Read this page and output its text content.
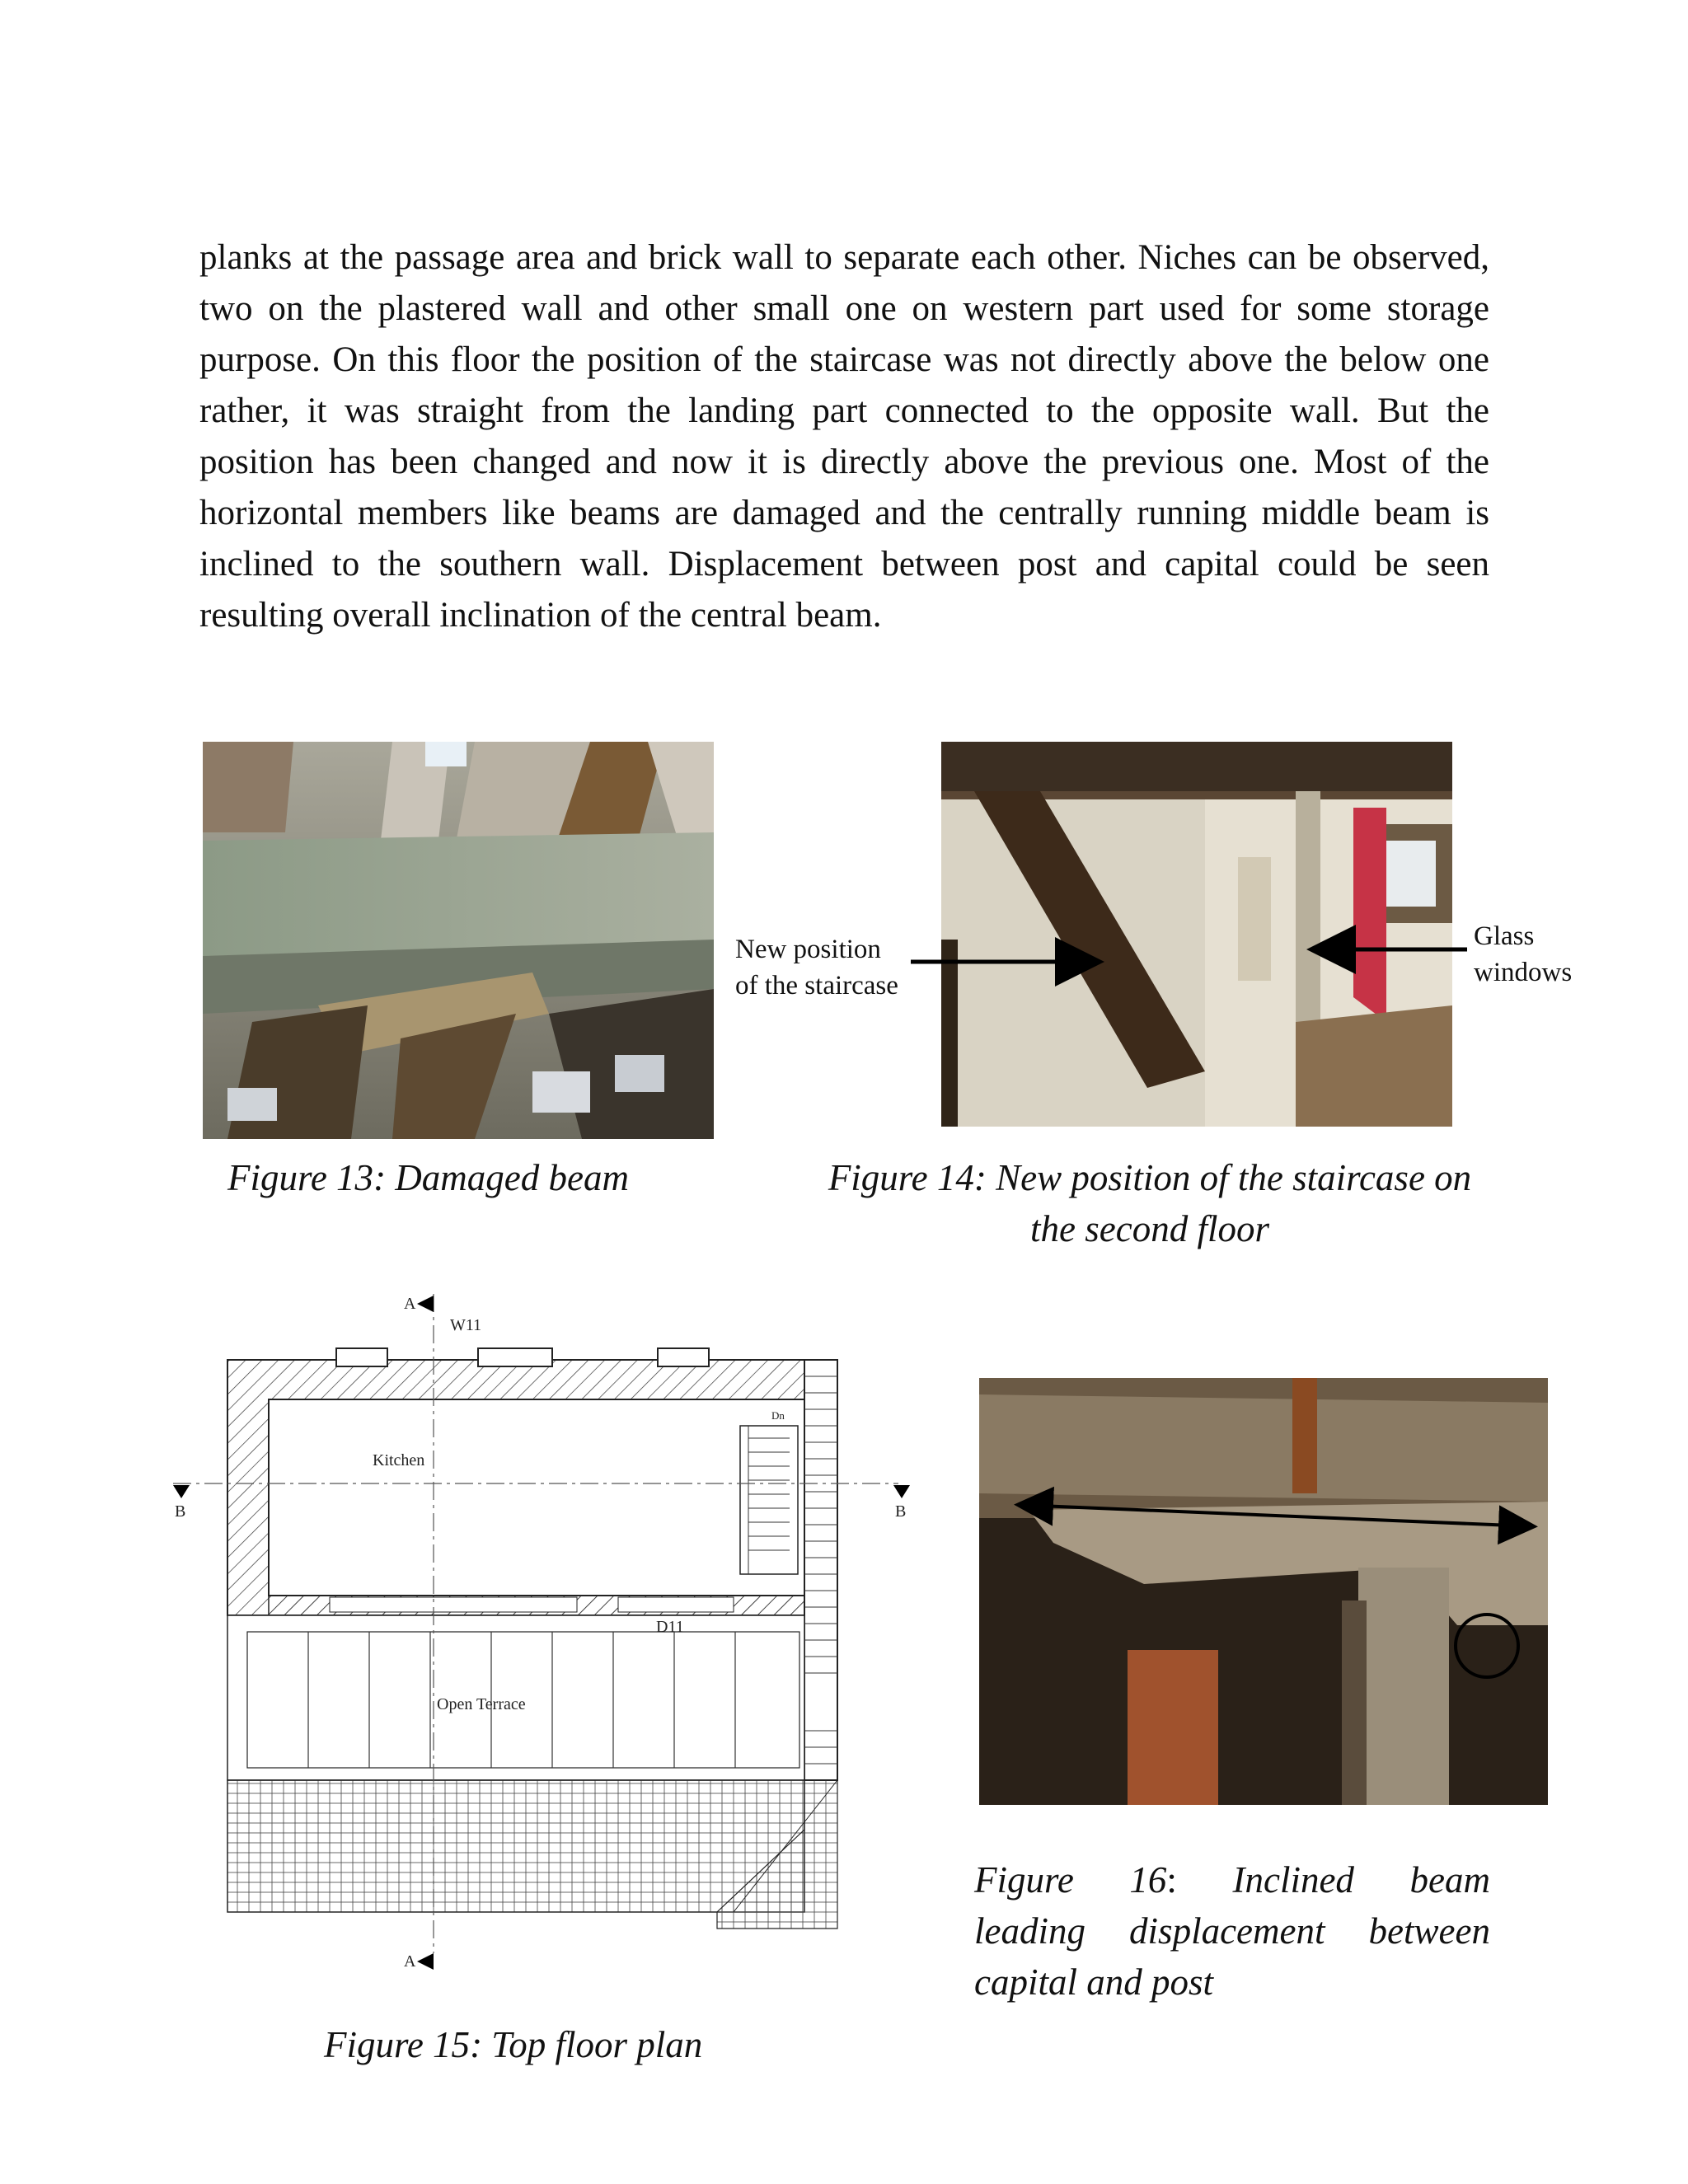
planks at the passage area and brick wall to separate each other. Niches can be observed, two on the plastered wall and other small one on western part used for some storage purpose. On this floor the position of the staircase was not directly above the below one rather, it was straight from the landing part connected to the opposite wall. But the position has been changed and now it is directly above the previous one. Most of the horizontal members like beams are damaged and the centrally running middle beam is inclined to the southern wall. Displacement between post and capital could be seen resulting overall inclination of the central beam.
New position
of the staircase
Glass
windows
Figure 13: Damaged beam	Figure 14: New position of the staircase on
the second floor
A
A
B	B
W11
D11
Dn
Kitchen
Open Terrace
Figure 15: Top floor plan
Figure 16: Inclined beam
leading   displacement   between
capital and post
